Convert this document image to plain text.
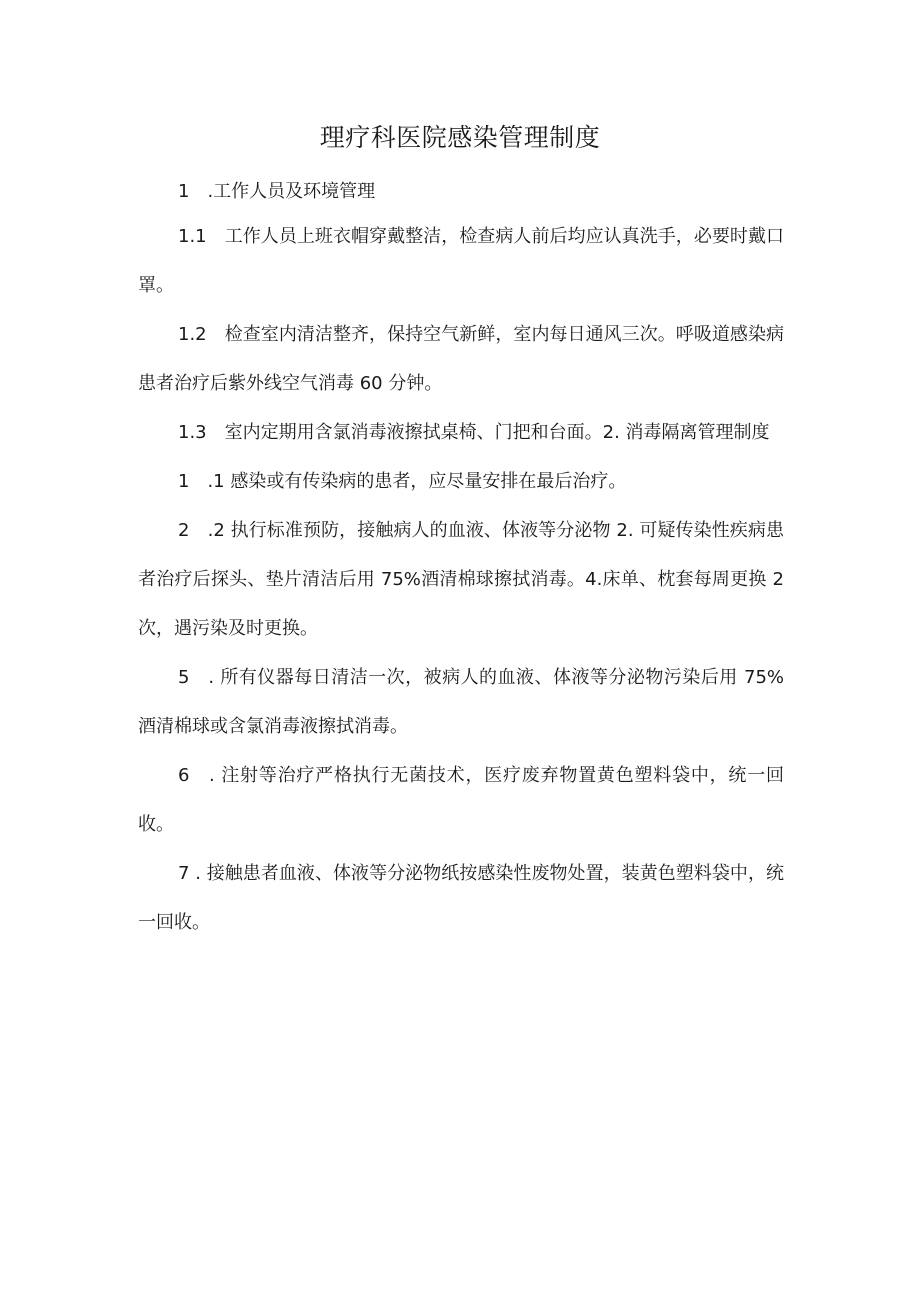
理疗科医院感染管理制度

1　.工作人员及环境管理

1.1　工作人员上班衣帽穿戴整洁，检查病人前后均应认真洗手，必要时戴口罩。

1.2　检查室内清洁整齐，保持空气新鲜，室内每日通风三次。呼吸道感染病患者治疗后紫外线空气消毒 60 分钟。

1.3　室内定期用含氯消毒液擦拭桌椅、门把和台面。2. 消毒隔离管理制度

1　.1 感染或有传染病的患者，应尽量安排在最后治疗。

2　.2 执行标准预防，接触病人的血液、体液等分泌物 2. 可疑传染性疾病患者治疗后探头、垫片清洁后用 75%酒清棉球擦拭消毒。4.床单、枕套每周更换 2 次，遇污染及时更换。

5　. 所有仪器每日清洁一次，被病人的血液、体液等分泌物污染后用 75%酒清棉球或含氯消毒液擦拭消毒。

6　. 注射等治疗严格执行无菌技术，医疗废弃物置黄色塑料袋中，统一回收。

7 . 接触患者血液、体液等分泌物纸按感染性废物处置，装黄色塑料袋中，统一回收。
